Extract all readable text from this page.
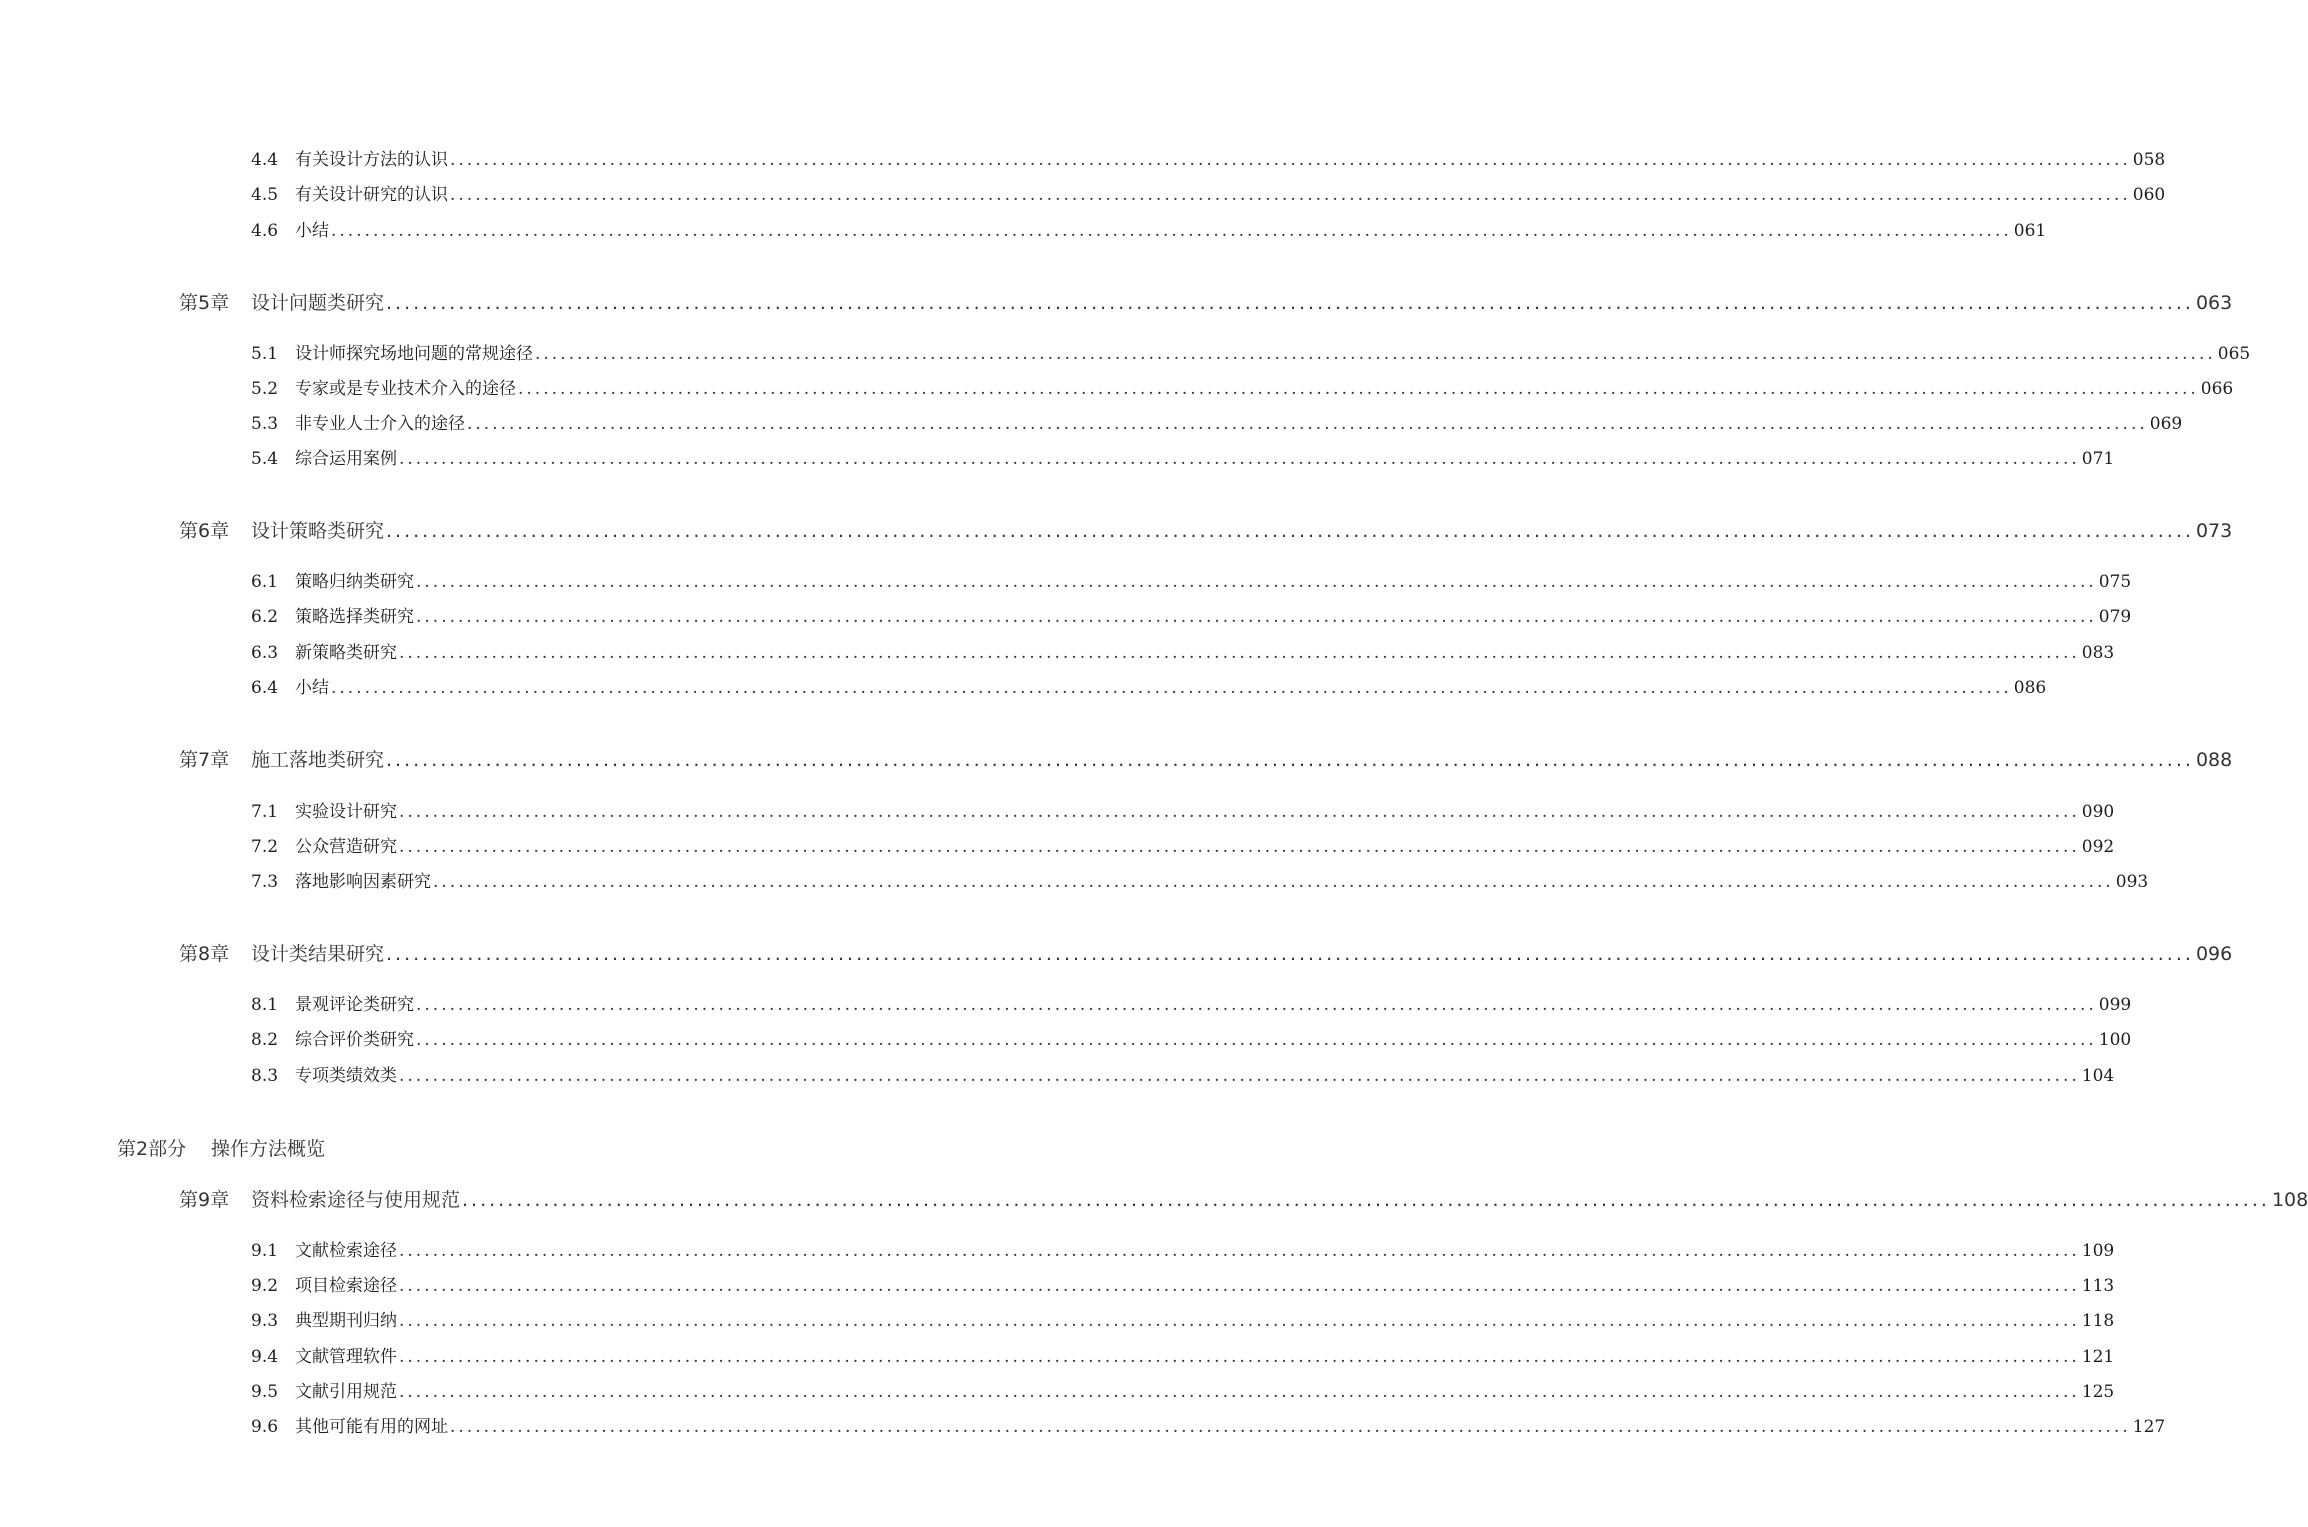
4.4 有关设计方法的认识 ........................................................................................................................................................................................................ 058
4.5 有关设计研究的认识 ........................................................................................................................................................................................................ 060
4.6 小结 ........................................................................................................................................................................................................ 061
第5章	设计问题类研究 ........................................................................................................................................................................................................ 063
5.1 设计师探究场地问题的常规途径 ........................................................................................................................................................................................................ 065
5.2 专家或是专业技术介入的途径 ........................................................................................................................................................................................................ 066
5.3 非专业人士介入的途径 ........................................................................................................................................................................................................ 069
5.4 综合运用案例 ........................................................................................................................................................................................................ 071
第6章	设计策略类研究 ........................................................................................................................................................................................................ 073
6.1 策略归纳类研究 ........................................................................................................................................................................................................ 075
6.2 策略选择类研究 ........................................................................................................................................................................................................ 079
6.3 新策略类研究 ........................................................................................................................................................................................................ 083
6.4 小结 ........................................................................................................................................................................................................ 086
第7章	施工落地类研究 ........................................................................................................................................................................................................ 088
7.1 实验设计研究 ........................................................................................................................................................................................................ 090
7.2 公众营造研究 ........................................................................................................................................................................................................ 092
7.3 落地影响因素研究 ........................................................................................................................................................................................................ 093
第8章	设计类结果研究 ........................................................................................................................................................................................................ 096
8.1 景观评论类研究 ........................................................................................................................................................................................................ 099
8.2 综合评价类研究 ........................................................................................................................................................................................................ 100
8.3 专项类绩效类 ........................................................................................................................................................................................................ 104
第2部分	操作方法概览
第9章	资料检索途径与使用规范 ........................................................................................................................................................................................................ 108
9.1 文献检索途径 ........................................................................................................................................................................................................ 109
9.2 项目检索途径 ........................................................................................................................................................................................................ 113
9.3 典型期刊归纳 ........................................................................................................................................................................................................ 118
9.4 文献管理软件 ........................................................................................................................................................................................................ 121
9.5 文献引用规范 ........................................................................................................................................................................................................ 125
9.6 其他可能有用的网址 ........................................................................................................................................................................................................ 127
